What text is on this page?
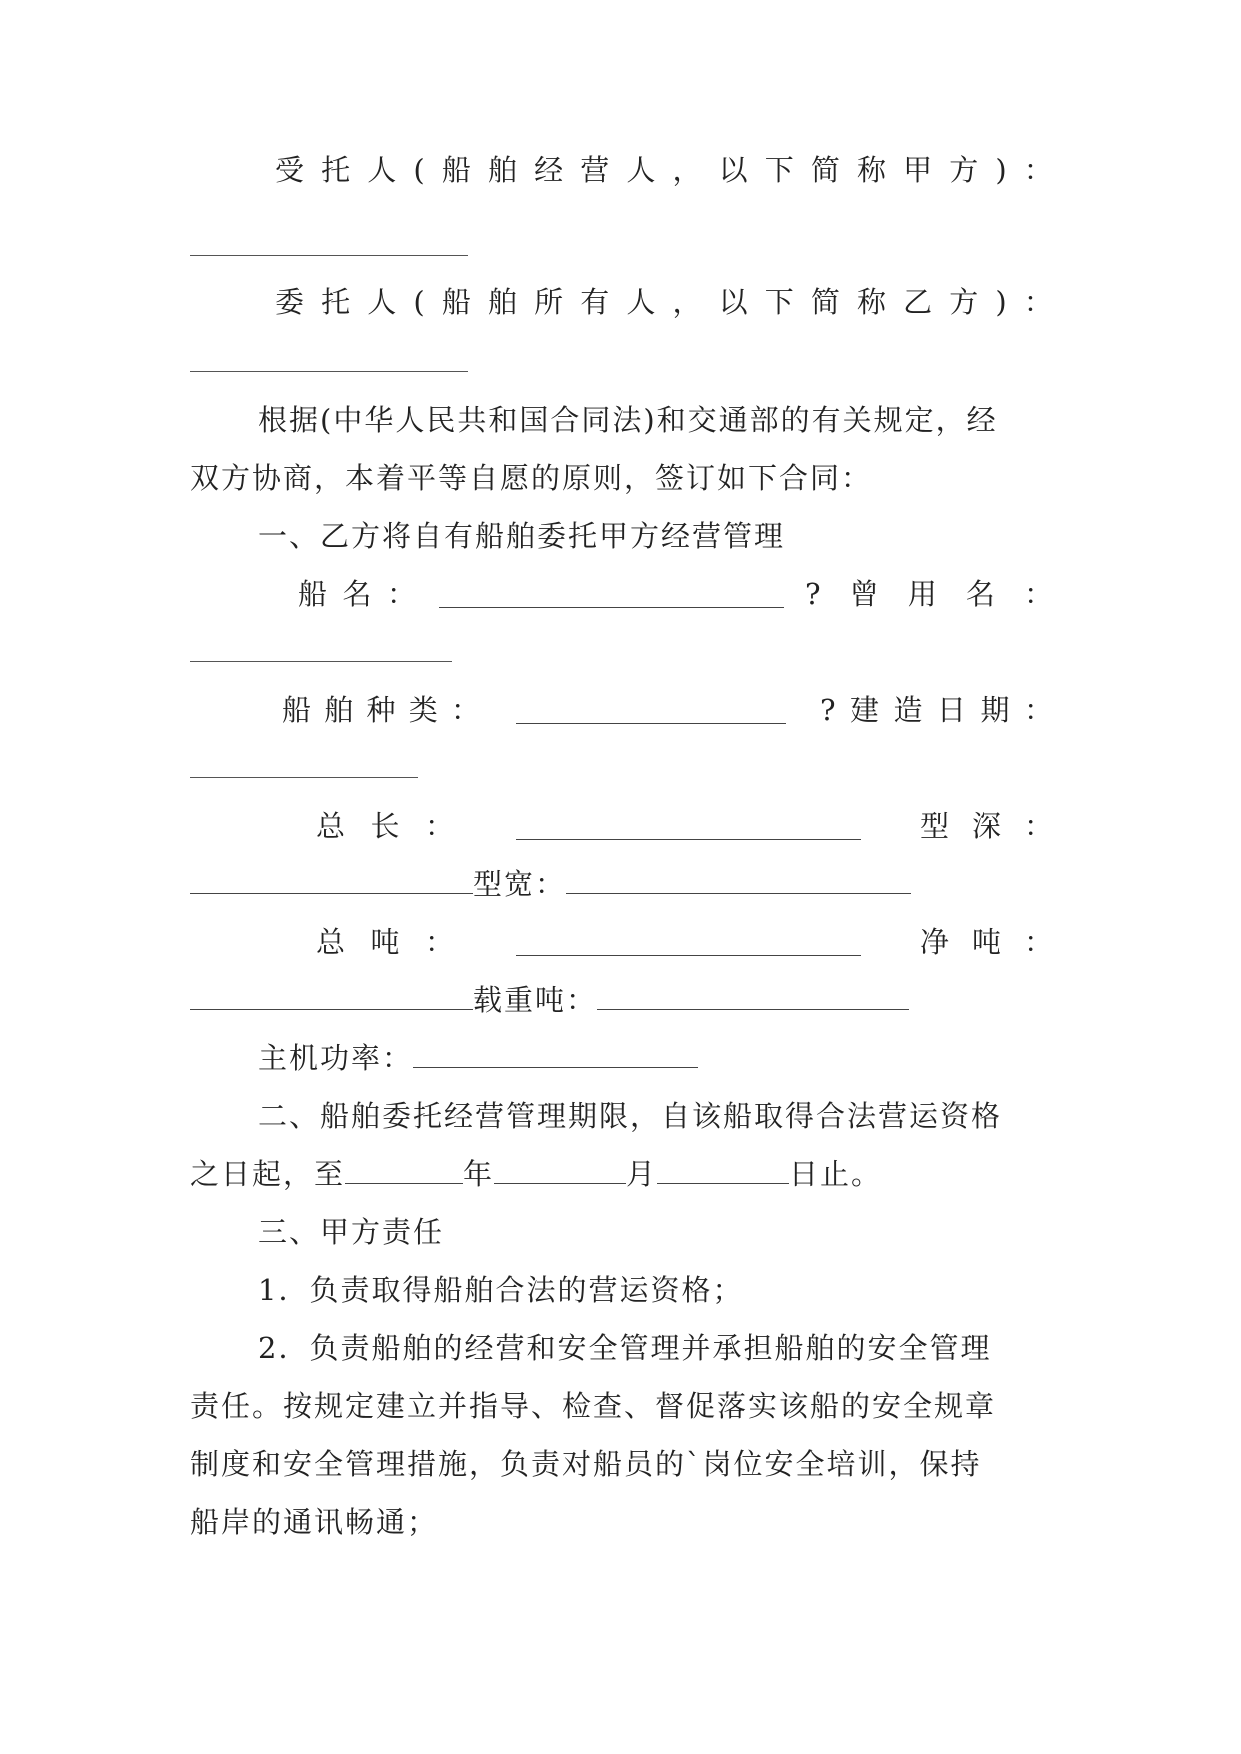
受 托 人 ( 船 舶 经 营 人 ， 以 下 简 称 甲 方 ) ：
委 托 人 ( 船 舶 所 有 人 ， 以 下 简 称 乙 方 ) ：
根据(中华人民共和国合同法)和交通部的有关规定，经
双方协商，本着平等自愿的原则，签订如下合同：
一、乙方将自有船舶委托甲方经营管理
船 名 ：	? 曾 用 名 ：
船 舶 种 类 ：	? 建 造 日 期 ：
总 长 ：	型 深 ：
型宽：
总 吨 ：	净 吨 ：
载重吨：
主机功率：
二、船舶委托经营管理期限，自该船取得合法营运资格
之日起，至	年	月	日止。
三、甲方责任
1．负责取得船舶合法的营运资格；
2．负责船舶的经营和安全管理并承担船舶的安全管理
责任。按规定建立并指导、检查、督促落实该船的安全规章
制度和安全管理措施，负责对船员的`岗位安全培训，保持
船岸的通讯畅通；
